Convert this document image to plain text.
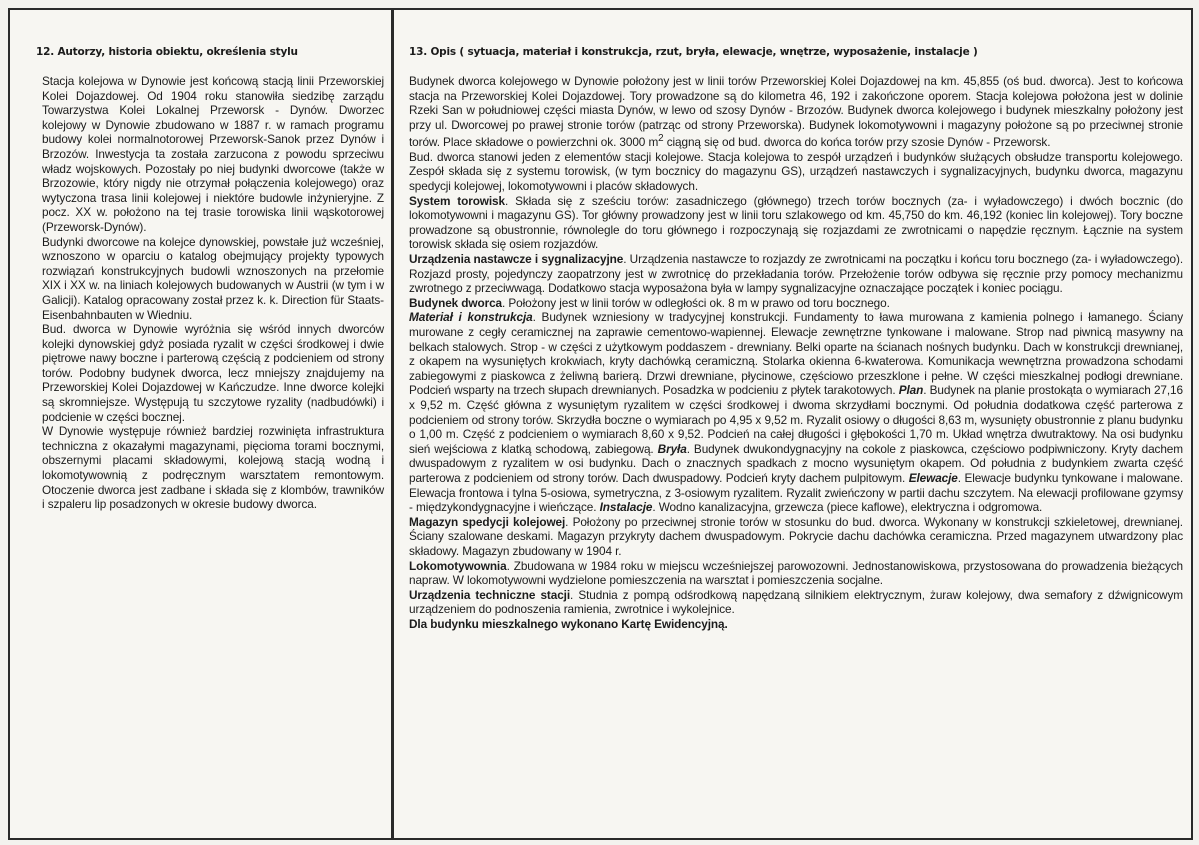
12. Autorzy, historia obiektu, określenia stylu

Stacja kolejowa w Dynowie jest końcową stacją linii Przeworskiej Kolei Dojazdowej. Od 1904 roku stanowiła siedzibę zarządu Towarzystwa Kolei Lokalnej Przeworsk - Dynów. Dworzec kolejowy w Dynowie zbudowano w 1887 r. w ramach programu budowy kolei normalnotorowej Przeworsk-Sanok przez Dynów i Brzozów. Inwestycja ta została zarzucona z powodu sprzeciwu władz wojskowych. Pozostały po niej budynki dworcowe (także w Brzozowie, który nigdy nie otrzymał połączenia kolejowego) oraz wytyczona trasa linii kolejowej i niektóre budowle inżynieryjne. Z pocz. XX w. położono na tej trasie torowiska linii wąskotorowej (Przeworsk-Dynów).

Budynki dworcowe na kolejce dynowskiej, powstałe już wcześniej, wznoszono w oparciu o katalog obejmujący projekty typowych rozwiązań konstrukcyjnych budowli wznoszonych na przełomie XIX i XX w. na liniach kolejowych budowanych w Austrii (w tym i w Galicji). Katalog opracowany został przez k. k. Direction für Staats-Eisenbahnbauten w Wiedniu.

Bud. dworca w Dynowie wyróżnia się wśród innych dworców kolejki dynowskiej gdyż posiada ryzalit w części środkowej i dwie piętrowe nawy boczne i parterową częścią z podcieniem od strony torów. Podobny budynek dworca, lecz mniejszy znajdujemy na Przeworskiej Kolei Dojazdowej w Kańczudze. Inne dworce kolejki są skromniejsze. Występują tu szczytowe ryzality (nadbudówki) i podcienie w części bocznej.

W Dynowie występuje również bardziej rozwinięta infrastruktura techniczna z okazałymi magazynami, pięcioma torami bocznymi, obszernymi placami składowymi, kolejową stacją wodną i lokomotywownią z podręcznym warsztatem remontowym. Otoczenie dworca jest zadbane i składa się z klombów, trawników i szpaleru lip posadzonych w okresie budowy dworca.

13. Opis ( sytuacja, materiał i konstrukcja, rzut, bryła, elewacje, wnętrze, wyposażenie, instalacje )

Budynek dworca kolejowego w Dynowie położony jest w linii torów Przeworskiej Kolei Dojazdowej na km. 45,855 (oś bud. dworca). Jest to końcowa stacja na Przeworskiej Kolei Dojazdowej. Tory prowadzone są do kilometra 46, 192 i zakończone oporem. Stacja kolejowa położona jest w dolinie Rzeki San w południowej części miasta Dynów, w lewo od szosy Dynów - Brzozów. Budynek dworca kolejowego i budynek mieszkalny położony jest przy ul. Dworcowej po prawej stronie torów (patrząc od strony Przeworska). Budynek lokomotywowni i magazyny położone są po przeciwnej stronie torów. Place składowe o powierzchni ok. 3000 $m^2$ ciągną się od bud. dworca do końca torów przy szosie Dynów - Przeworsk.

Bud. dworca stanowi jeden z elementów stacji kolejowe. Stacja kolejowa to zespół urządzeń i budynków służących obsłudze transportu kolejowego. Zespół składa się z systemu torowisk, (w tym bocznicy do magazynu GS), urządzeń nastawczych i sygnalizacyjnych, budynku dworca, magazynu spedycji kolejowej, lokomotywowni i placów składowych.

System torowisk. Składa się z sześciu torów: zasadniczego (głównego) trzech torów bocznych (za- i wyładowczego) i dwóch bocznic (do lokomotywowni i magazynu GS). Tor główny prowadzony jest w linii toru szlakowego od km. 45,750 do km. 46,192 (koniec lin kolejowej). Tory boczne prowadzone są obustronnie, równolegle do toru głównego i rozpoczynają się rozjazdami ze zwrotnicami o napędzie ręcznym. Łącznie na system torowisk składa się osiem rozjazdów.

Urządzenia nastawcze i sygnalizacyjne. Urządzenia nastawcze to rozjazdy ze zwrotnicami na początku i końcu toru bocznego (za- i wyładowczego). Rozjazd prosty, pojedynczy zaopatrzony jest w zwrotnicę do przekładania torów. Przełożenie torów odbywa się ręcznie przy pomocy mechanizmu zwrotnego z przeciwwagą. Dodatkowo stacja wyposażona była w lampy sygnalizacyjne oznaczające początek i koniec pociągu.

Budynek dworca. Położony jest w linii torów w odległości ok. 8 m w prawo od toru bocznego.

Materiał i konstrukcja. Budynek wzniesiony w tradycyjnej konstrukcji. Fundamenty to ława murowana z kamienia polnego i łamanego. Ściany murowane z cegły ceramicznej na zaprawie cementowo-wapiennej. Elewacje zewnętrzne tynkowane i malowane. Strop nad piwnicą masywny na belkach stalowych. Strop - w części z użytkowym poddaszem - drewniany. Belki oparte na ścianach nośnych budynku. Dach w konstrukcji drewnianej, z okapem na wysuniętych krokwiach, kryty dachówką ceramiczną. Stolarka okienna 6-kwaterowa. Komunikacja wewnętrzna prowadzona schodami zabiegowymi z piaskowca z żeliwną barierą. Drzwi drewniane, płycinowe, częściowo przeszklone i pełne. W części mieszkalnej podłogi drewniane. Podcień wsparty na trzech słupach drewnianych. Posadzka w podcieniu z płytek tarakotowych. Plan. Budynek na planie prostokąta o wymiarach 27,16 x 9,52 m. Część główna z wysuniętym ryzalitem w części środkowej i dwoma skrzydłami bocznymi. Od południa dodatkowa część parterowa z podcieniem od strony torów. Skrzydła boczne o wymiarach po 4,95 x 9,52 m. Ryzalit osiowy o długości 8,63 m, wysunięty obustronnie z planu budynku o 1,00 m. Część z podcieniem o wymiarach 8,60 x 9,52. Podcień na całej długości i głębokości 1,70 m. Układ wnętrza dwutraktowy. Na osi budynku sień wejściowa z klatką schodową, zabiegową. Bryła. Budynek dwukondygnacyjny na cokole z piaskowca, częściowo podpiwniczony. Kryty dachem dwuspadowym z ryzalitem w osi budynku. Dach o znacznych spadkach z mocno wysuniętym okapem. Od południa z budynkiem zwarta część parterowa z podcieniem od strony torów. Dach dwuspadowy. Podcień kryty dachem pulpitowym. Elewacje. Elewacje budynku tynkowane i malowane. Elewacja frontowa i tylna 5-osiowa, symetryczna, z 3-osiowym ryzalitem. Ryzalit zwieńczony w partii dachu szczytem. Na elewacji profilowane gzymsy - międzykondygnacyjne i wieńczące. Instalacje. Wodno kanalizacyjna, grzewcza (piece kaflowe), elektryczna i odgromowa.

Magazyn spedycji kolejowej. Położony po przeciwnej stronie torów w stosunku do bud. dworca. Wykonany w konstrukcji szkieletowej, drewnianej. Ściany szalowane deskami. Magazyn przykryty dachem dwuspadowym. Pokrycie dachu dachówka ceramiczna. Przed magazynem utwardzony plac składowy. Magazyn zbudowany w 1904 r.

Lokomotywownia. Zbudowana w 1984 roku w miejscu wcześniejszej parowozowni. Jednostanowiskowa, przystosowana do prowadzenia bieżących napraw. W lokomotywowni wydzielone pomieszczenia na warsztat i pomieszczenia socjalne.

Urządzenia techniczne stacji. Studnia z pompą odśrodkową napędzaną silnikiem elektrycznym, żuraw kolejowy, dwa semafory z dźwignicowym urządzeniem do podnoszenia ramienia, zwrotnice i wykolejnice.

Dla budynku mieszkalnego wykonano Kartę Ewidencyjną.
